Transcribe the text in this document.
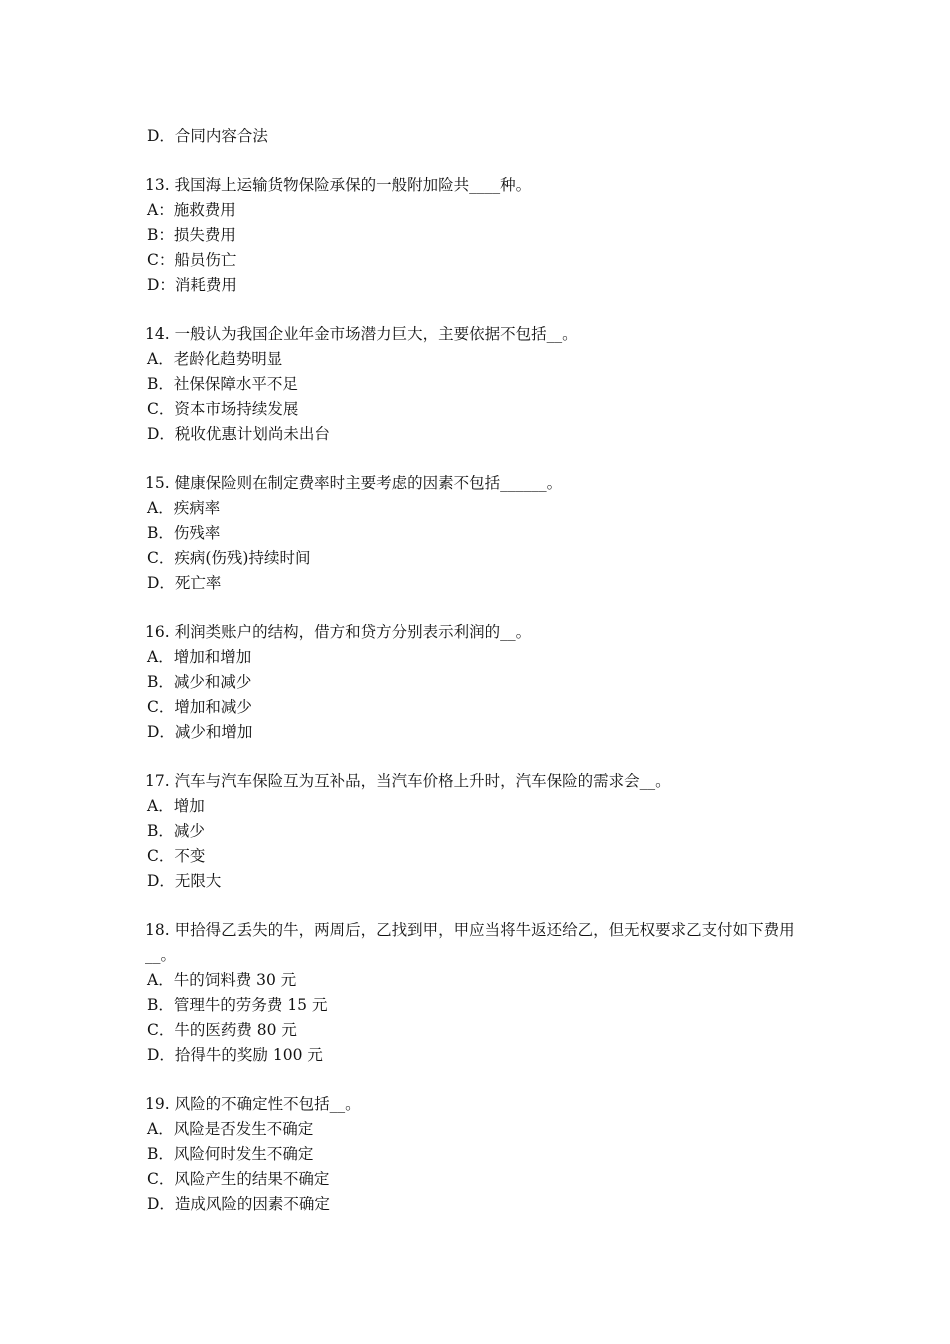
D．合同内容合法
13. 我国海上运输货物保险承保的一般附加险共____种。
A：施救费用
B：损失费用
C：船员伤亡
D：消耗费用
14. 一般认为我国企业年金市场潜力巨大，主要依据不包括__。
A．老龄化趋势明显
B．社保保障水平不足
C．资本市场持续发展
D．税收优惠计划尚未出台
15. 健康保险则在制定费率时主要考虑的因素不包括______。
A．疾病率
B．伤残率
C．疾病(伤残)持续时间
D．死亡率
16. 利润类账户的结构，借方和贷方分别表示利润的__。
A．增加和增加
B．减少和减少
C．增加和减少
D．减少和增加
17. 汽车与汽车保险互为互补品，当汽车价格上升时，汽车保险的需求会__。
A．增加
B．减少
C．不变
D．无限大
18. 甲拾得乙丢失的牛，两周后，乙找到甲，甲应当将牛返还给乙，但无权要求乙支付如下费用__。
A．牛的饲料费 30 元
B．管理牛的劳务费 15 元
C．牛的医药费 80 元
D．拾得牛的奖励 100 元
19. 风险的不确定性不包括__。
A．风险是否发生不确定
B．风险何时发生不确定
C．风险产生的结果不确定
D．造成风险的因素不确定
